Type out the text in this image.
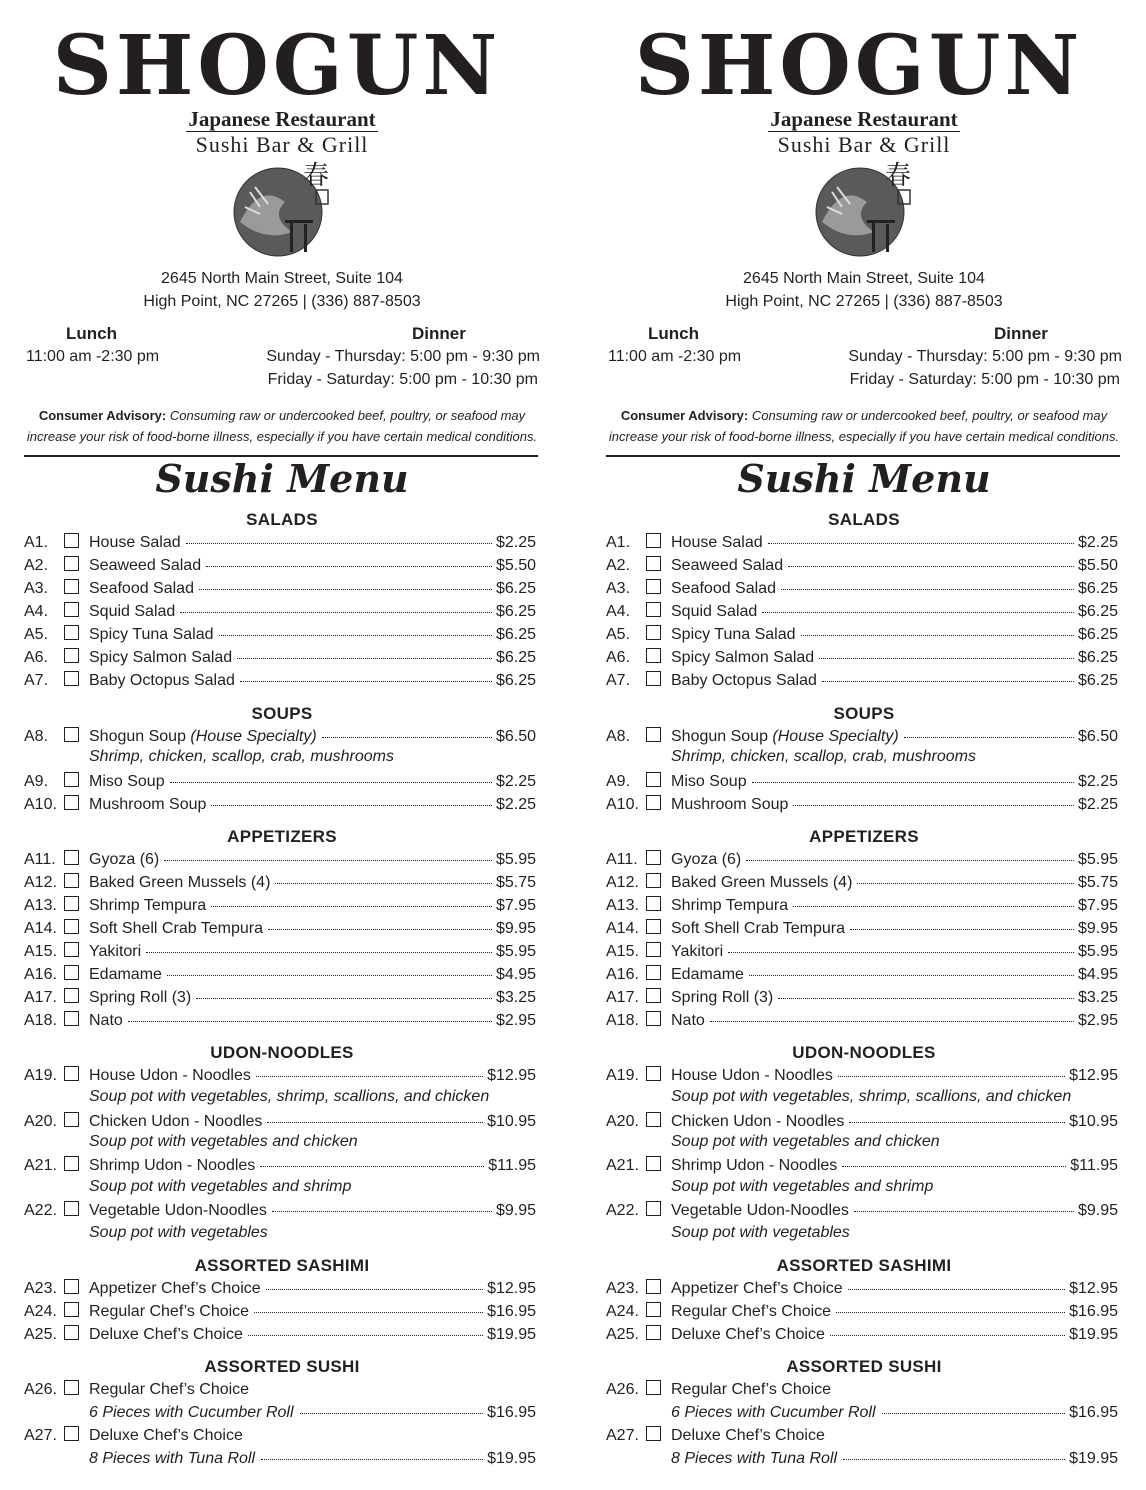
SHOGUN
Japanese Restaurant
Sushi Bar & Grill
春
2645 North Main Street, Suite 104
High Point, NC 27265 | (336) 887-8503
Lunch	Dinner
11:00 am -2:30 pm	Sunday - Thursday: 5:00 pm - 9:30 pm
Friday - Saturday: 5:00 pm - 10:30 pm
Consumer Advisory: Consuming raw or undercooked beef, poultry, or seafood may
increase your risk of food-borne illness, especially if you have certain medical conditions.
Sushi Menu
SALADS
A1.	House Salad	$2.25
A2.	Seaweed Salad	$5.50
A3.	Seafood Salad	$6.25
A4.	Squid Salad	$6.25
A5.	Spicy Tuna Salad	$6.25
A6.	Spicy Salmon Salad	$6.25
A7.	Baby Octopus Salad	$6.25
SOUPS
A8.	Shogun Soup (House Specialty)	$6.50
Shrimp, chicken, scallop, crab, mushrooms
A9.	Miso Soup	$2.25
A10. Mushroom Soup	$2.25
APPETIZERS
A11. Gyoza (6)	$5.95
A12. Baked Green Mussels (4)	$5.75
A13. Shrimp Tempura	$7.95
A14. Soft Shell Crab Tempura	$9.95
A15. Yakitori	$5.95
A16. Edamame	$4.95
A17. Spring Roll (3)	$3.25
A18. Nato	$2.95
UDON-NOODLES
A19. House Udon - Noodles	$12.95
Soup pot with vegetables, shrimp, scallions, and chicken
A20. Chicken Udon - Noodles	$10.95
Soup pot with vegetables and chicken
A21. Shrimp Udon - Noodles	$11.95
Soup pot with vegetables and shrimp
A22. Vegetable Udon-Noodles	$9.95
Soup pot with vegetables
ASSORTED SASHIMI
A23. Appetizer Chef’s Choice	$12.95
A24. Regular Chef’s Choice	$16.95
A25. Deluxe Chef’s Choice	$19.95
ASSORTED SUSHI
A26. Regular Chef’s Choice
6 Pieces with Cucumber Roll	$16.95
A27. Deluxe Chef’s Choice
8 Pieces with Tuna Roll	$19.95
SHOGUN
Japanese Restaurant
Sushi Bar & Grill
春
2645 North Main Street, Suite 104
High Point, NC 27265 | (336) 887-8503
Lunch	Dinner
11:00 am -2:30 pm	Sunday - Thursday: 5:00 pm - 9:30 pm
Friday - Saturday: 5:00 pm - 10:30 pm
Consumer Advisory: Consuming raw or undercooked beef, poultry, or seafood may
increase your risk of food-borne illness, especially if you have certain medical conditions.
Sushi Menu
SALADS
A1.	House Salad	$2.25
A2.	Seaweed Salad	$5.50
A3.	Seafood Salad	$6.25
A4.	Squid Salad	$6.25
A5.	Spicy Tuna Salad	$6.25
A6.	Spicy Salmon Salad	$6.25
A7.	Baby Octopus Salad	$6.25
SOUPS
A8.	Shogun Soup (House Specialty)	$6.50
Shrimp, chicken, scallop, crab, mushrooms
A9.	Miso Soup	$2.25
A10. Mushroom Soup	$2.25
APPETIZERS
A11. Gyoza (6)	$5.95
A12. Baked Green Mussels (4)	$5.75
A13. Shrimp Tempura	$7.95
A14. Soft Shell Crab Tempura	$9.95
A15. Yakitori	$5.95
A16. Edamame	$4.95
A17. Spring Roll (3)	$3.25
A18. Nato	$2.95
UDON-NOODLES
A19. House Udon - Noodles	$12.95
Soup pot with vegetables, shrimp, scallions, and chicken
A20. Chicken Udon - Noodles	$10.95
Soup pot with vegetables and chicken
A21. Shrimp Udon - Noodles	$11.95
Soup pot with vegetables and shrimp
A22. Vegetable Udon-Noodles	$9.95
Soup pot with vegetables
ASSORTED SASHIMI
A23. Appetizer Chef’s Choice	$12.95
A24. Regular Chef’s Choice	$16.95
A25. Deluxe Chef’s Choice	$19.95
ASSORTED SUSHI
A26. Regular Chef’s Choice
6 Pieces with Cucumber Roll	$16.95
A27. Deluxe Chef’s Choice
8 Pieces with Tuna Roll	$19.95
